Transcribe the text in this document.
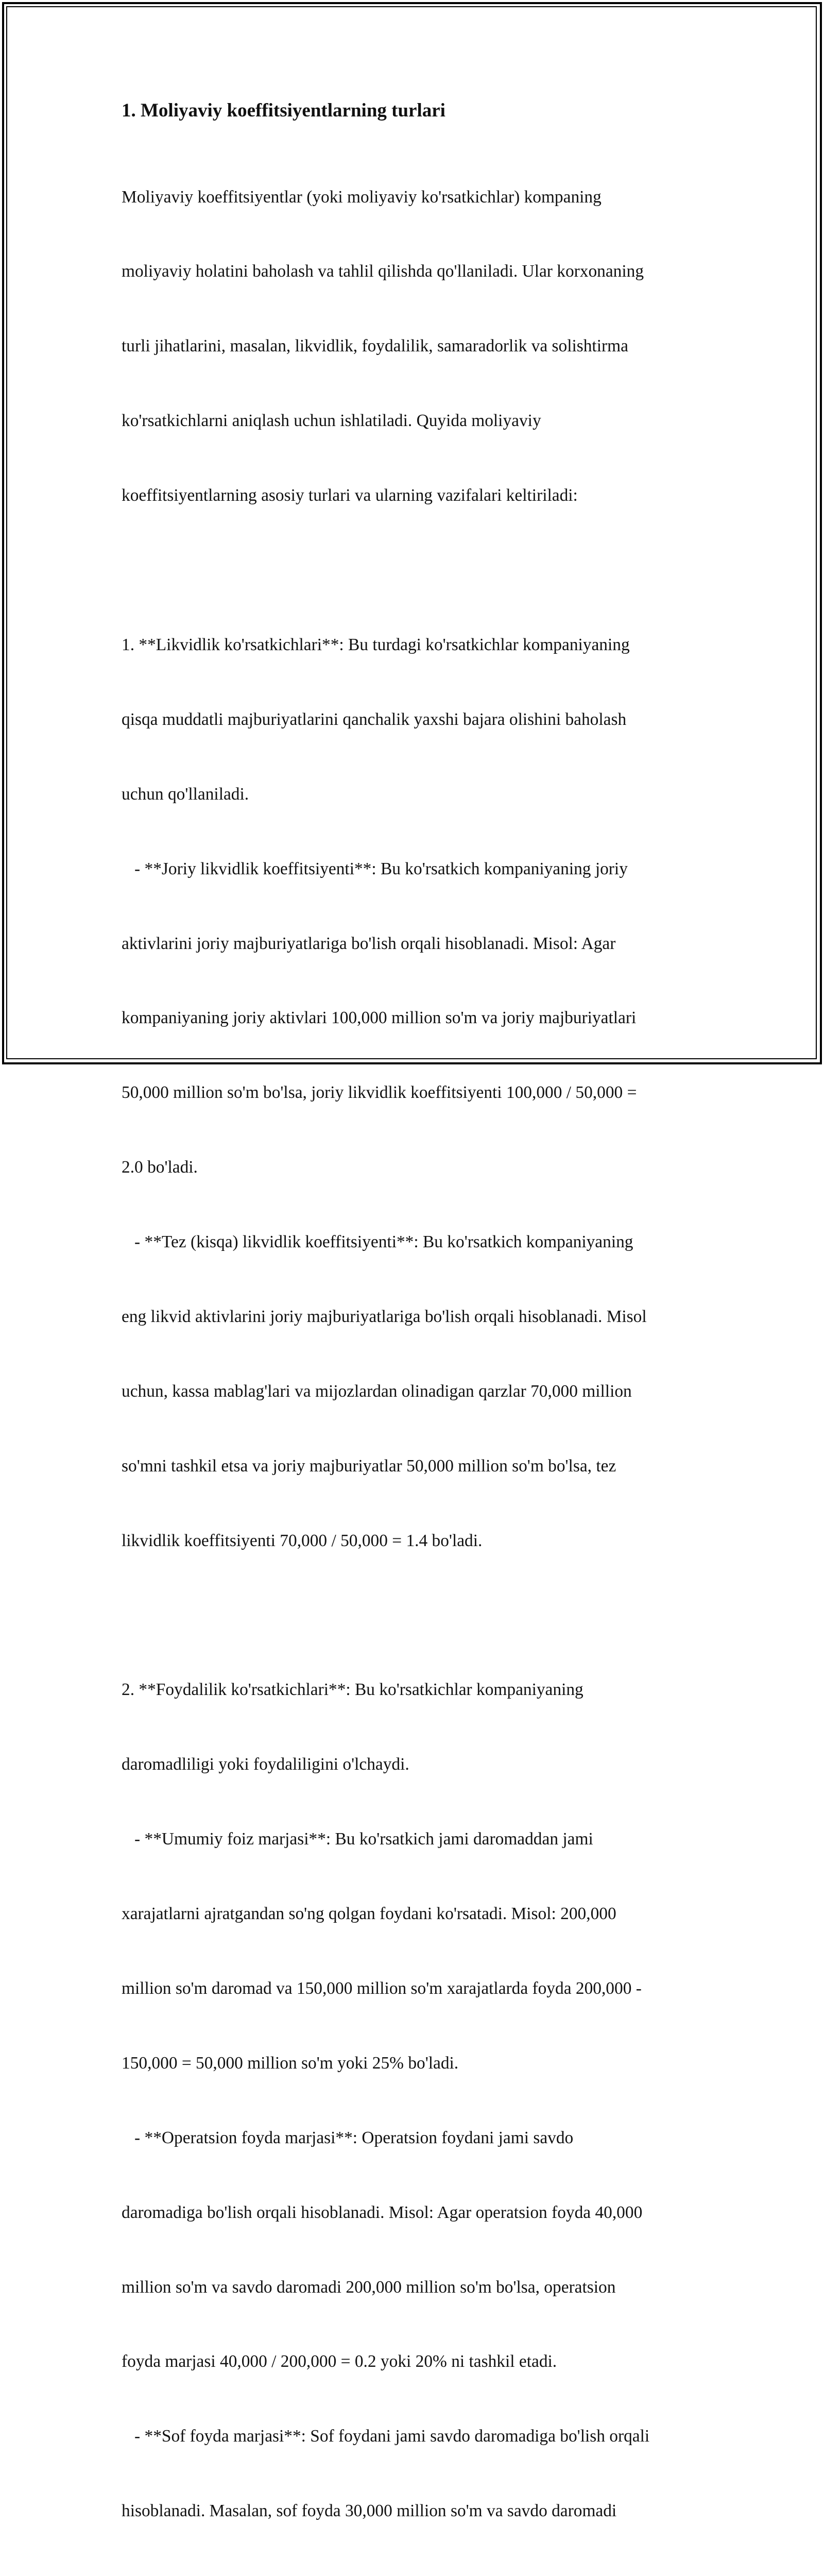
1. Moliyaviy koeffitsiyentlarning turlari

Moliyaviy koeffitsiyentlar (yoki moliyaviy ko'rsatkichlar) kompaning

moliyaviy holatini baholash va tahlil qilishda qo'llaniladi. Ular korxonaning

turli jihatlarini, masalan, likvidlik, foydalilik, samaradorlik va solishtirma

ko'rsatkichlarni aniqlash uchun ishlatiladi. Quyida moliyaviy

koeffitsiyentlarning asosiy turlari va ularning vazifalari keltiriladi:

1. **Likvidlik ko'rsatkichlari**: Bu turdagi ko'rsatkichlar kompaniyaning

qisqa muddatli majburiyatlarini qanchalik yaxshi bajara olishini baholash

uchun qo'llaniladi.

- **Joriy likvidlik koeffitsiyenti**: Bu ko'rsatkich kompaniyaning joriy

aktivlarini joriy majburiyatlariga bo'lish orqali hisoblanadi. Misol: Agar

kompaniyaning joriy aktivlari 100,000 million so'm va joriy majburiyatlari

50,000 million so'm bo'lsa, joriy likvidlik koeffitsiyenti 100,000 / 50,000 =

2.0 bo'ladi.

- **Tez (kisqa) likvidlik koeffitsiyenti**: Bu ko'rsatkich kompaniyaning

eng likvid aktivlarini joriy majburiyatlariga bo'lish orqali hisoblanadi. Misol

uchun, kassa mablag'lari va mijozlardan olinadigan qarzlar 70,000 million

so'mni tashkil etsa va joriy majburiyatlar 50,000 million so'm bo'lsa, tez

likvidlik koeffitsiyenti 70,000 / 50,000 = 1.4 bo'ladi.

2. **Foydalilik ko'rsatkichlari**: Bu ko'rsatkichlar kompaniyaning

daromadliligi yoki foydaliligini o'lchaydi.

- **Umumiy foiz marjasi**: Bu ko'rsatkich jami daromaddan jami

xarajatlarni ajratgandan so'ng qolgan foydani ko'rsatadi. Misol: 200,000

million so'm daromad va 150,000 million so'm xarajatlarda foyda 200,000 -

150,000 = 50,000 million so'm yoki 25% bo'ladi.

- **Operatsion foyda marjasi**: Operatsion foydani jami savdo

daromadiga bo'lish orqali hisoblanadi. Misol: Agar operatsion foyda 40,000

million so'm va savdo daromadi 200,000 million so'm bo'lsa, operatsion

foyda marjasi 40,000 / 200,000 = 0.2 yoki 20% ni tashkil etadi.

- **Sof foyda marjasi**: Sof foydani jami savdo daromadiga bo'lish orqali

hisoblanadi. Masalan, sof foyda 30,000 million so'm va savdo daromadi
